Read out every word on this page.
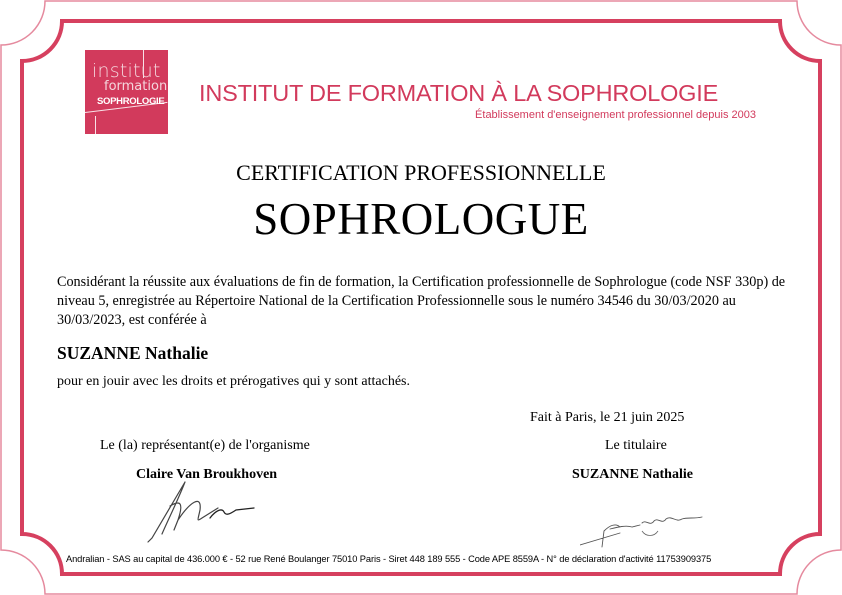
institut
formation
SOPHROLOGIE INSTITUT DE FORMATION À LA SOPHROLOGIE
Établissement d'enseignement professionnel depuis 2003
CERTIFICATION PROFESSIONNELLE
SOPHROLOGUE
Considérant la réussite aux évaluations de fin de formation, la Certification professionnelle de Sophrologue (code NSF 330p) de niveau 5, enregistrée au Répertoire National de la Certification Professionnelle sous le numéro 34546 du 30/03/2020 au 30/03/2023, est conférée à
SUZANNE Nathalie
pour en jouir avec les droits et prérogatives qui y sont attachés.
Fait à Paris, le 21 juin 2025
Le (la) représentant(e) de l'organisme	Le titulaire
Claire Van Broukhoven	SUZANNE Nathalie
Andralian - SAS au capital de 436.000 € - 52 rue René Boulanger 75010 Paris - Siret 448 189 555 - Code APE 8559A - N° de déclaration d'activité 11753909375
